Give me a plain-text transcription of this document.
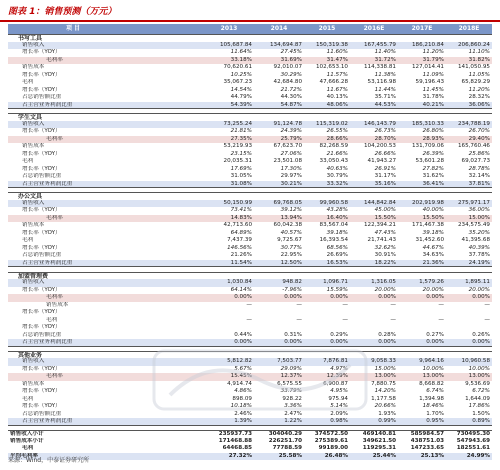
图表 1：销售预测（万元）
项 目	2013	2014	2015	2016E	2017E	2018E
书写工具
销售收入	105,687.84	134,694.87	150,319.38	167,455.79	186,210.84	206,860.24
增长率（YOY）	11.64%	27.45%	11.60%	11.40%	11.20%	11.10%
毛利率	33.18%	31.69%	31.47%	31.72%	31.79%	31.82%
销售成本	70,620.61	92,010.07	102,653.10	114,338.81	127,014.41	141,050.95
增长率（YOY）	10.25%	30.29%	11.57%	11.38%	11.09%	11.05%
毛利	35,067.23	42,684.80	47,666.28	53,116.98	59,196.43	65,829.29
增长率（YOY）	14.54%	21.72%	11.67%	11.44%	11.45%	11.20%
占总销售额比重	44.79%	44.30%	40.13%	35.71%	31.78%	28.32%
占主营业务利润比重	54.39%	54.87%	48.06%	44.53%	40.21%	36.06%
学生文具
销售收入	73,255.24	91,124.78	115,319.02	146,143.79	185,310.33	234,788.19
增长率（YOY）	21.81%	24.39%	26.55%	26.73%	26.80%	26.70%
毛利率	27.35%	25.79%	28.66%	28.70%	28.93%	29.40%
销售成本	53,219.93	67,623.70	82,268.59	104,200.53	131,709.06	165,760.46
增长率（YOY）	23.15%	27.06%	21.66%	26.66%	26.39%	25.86%
毛利	20,035.31	23,501.08	33,050.43	41,943.27	53,601.28	69,027.73
增长率（YOY）	17.69%	17.30%	40.63%	26.91%	27.82%	28.78%
占总销售额比重	31.05%	29.97%	30.79%	31.17%	31.62%	32.14%
占主营业务利润比重	31.08%	30.21%	33.32%	35.16%	36.41%	37.81%
办公文具
销售收入	50,150.99	69,768.05	99,960.58	144,842.84	202,919.98	275,971.17
增长率（YOY）	73.41%	39.12%	43.28%	45.00%	40.00%	36.00%
毛利率	14.83%	13.94%	16.40%	15.50%	15.50%	15.00%
销售成本	42,713.60	60,042.38	83,567.04	122,394.21	171,467.38	234,575.49
增长率（YOY）	64.89%	40.57%	39.18%	47.43%	39.18%	35.20%
毛利	7,437.39	9,725.67	16,393.54	21,741.43	31,452.60	41,395.68
增长率（YOY）	146.56%	30.77%	68.56%	32.62%	44.67%	40.39%
占总销售额比重	21.26%	22.95%	26.69%	30.91%	34.63%	37.78%
占主营业务利润比重	11.54%	12.50%	16.53%	18.22%	21.36%	24.19%
加盟管理费
销售收入	1,030.84	948.82	1,096.71	1,316.05	1,579.26	1,895.11
增长率（YOY）	64.14%	-7.96%	15.59%	20.00%	20.00%	20.00%
毛利率	0.00%	0.00%	0.00%	0.00%	0.00%	0.00%
销售成本	—	—	—	—	—	—
增长率（YOY）
毛利	—	—	—	—	—	—
增长率（YOY）
占总销售额比重	0.44%	0.31%	0.29%	0.28%	0.27%	0.26%
占主营业务利润比重	0.00%	0.00%	0.00%	0.00%	0.00%	0.00%
其他业务
销售收入	5,812.82	7,503.77	7,876.81	9,058.33	9,964.16	10,960.58
增长率（YOY）	5.67%	29.09%	4.97%	15.00%	10.00%	10.00%
毛利率	15.45%	12.37%	12.39%	13.00%	13.00%	13.00%
销售成本	4,914.74	6,575.55	6,900.87	7,880.75	8,668.82	9,536.69
增长率（YOY）	4.86%	33.79%	4.95%	14.20%	6.74%	6.72%
毛利	898.09	928.22	975.94	1,177.58	1,394.98	1,644.09
增长率（YOY）	10.18%	3.36%	5.14%	20.66%	18.46%	17.86%
占总销售额比重	2.46%	2.47%	2.09%	1.93%	1.70%	1.50%
占主营业务利润比重	1.39%	1.22%	0.98%	0.99%	0.95%	0.89%
销售收入小计	235937.73	304040.29	374572.50	469140.81	585984.57	730495.30
销售成本小计	171468.88	226251.70	275389.61	349621.50	438751.03	547943.69
毛利	64468.85	77788.59	99189.00	119295.31	147233.65	182551.61
平均毛利率	27.32%	25.58%	26.48%	25.44%	25.13%	24.99%
来源：Wind，中泰证券研究所
